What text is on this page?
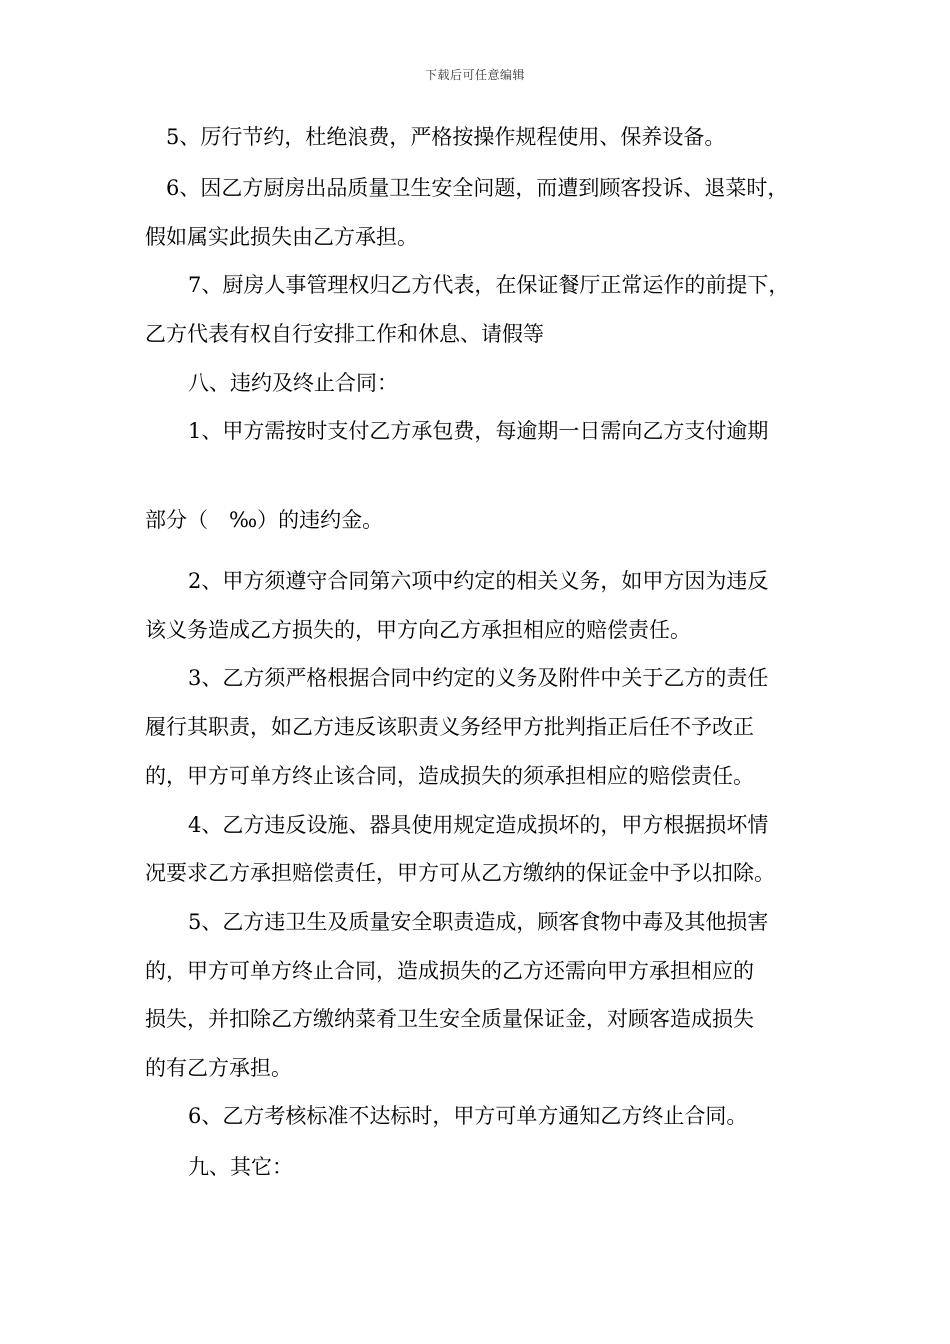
下载后可任意编辑
5、厉行节约，杜绝浪费，严格按操作规程使用、保养设备。
6、因乙方厨房出品质量卫生安全问题，而遭到顾客投诉、退菜时，
假如属实此损失由乙方承担。
7、厨房人事管理权归乙方代表，在保证餐厅正常运作的前提下，
乙方代表有权自行安排工作和休息、请假等
八、违约及终止合同：
1、甲方需按时支付乙方承包费，每逾期一日需向乙方支付逾期
部分（　‰）的违约金。
2、甲方须遵守合同第六项中约定的相关义务，如甲方因为违反
该义务造成乙方损失的，甲方向乙方承担相应的赔偿责任。
3、乙方须严格根据合同中约定的义务及附件中关于乙方的责任
履行其职责，如乙方违反该职责义务经甲方批判指正后任不予改正
的，甲方可单方终止该合同，造成损失的须承担相应的赔偿责任。
4、乙方违反设施、器具使用规定造成损坏的，甲方根据损坏情
况要求乙方承担赔偿责任，甲方可从乙方缴纳的保证金中予以扣除。
5、乙方违卫生及质量安全职责造成，顾客食物中毒及其他损害
的，甲方可单方终止合同，造成损失的乙方还需向甲方承担相应的
损失，并扣除乙方缴纳菜肴卫生安全质量保证金，对顾客造成损失
的有乙方承担。
6、乙方考核标准不达标时，甲方可单方通知乙方终止合同。
九、其它：
